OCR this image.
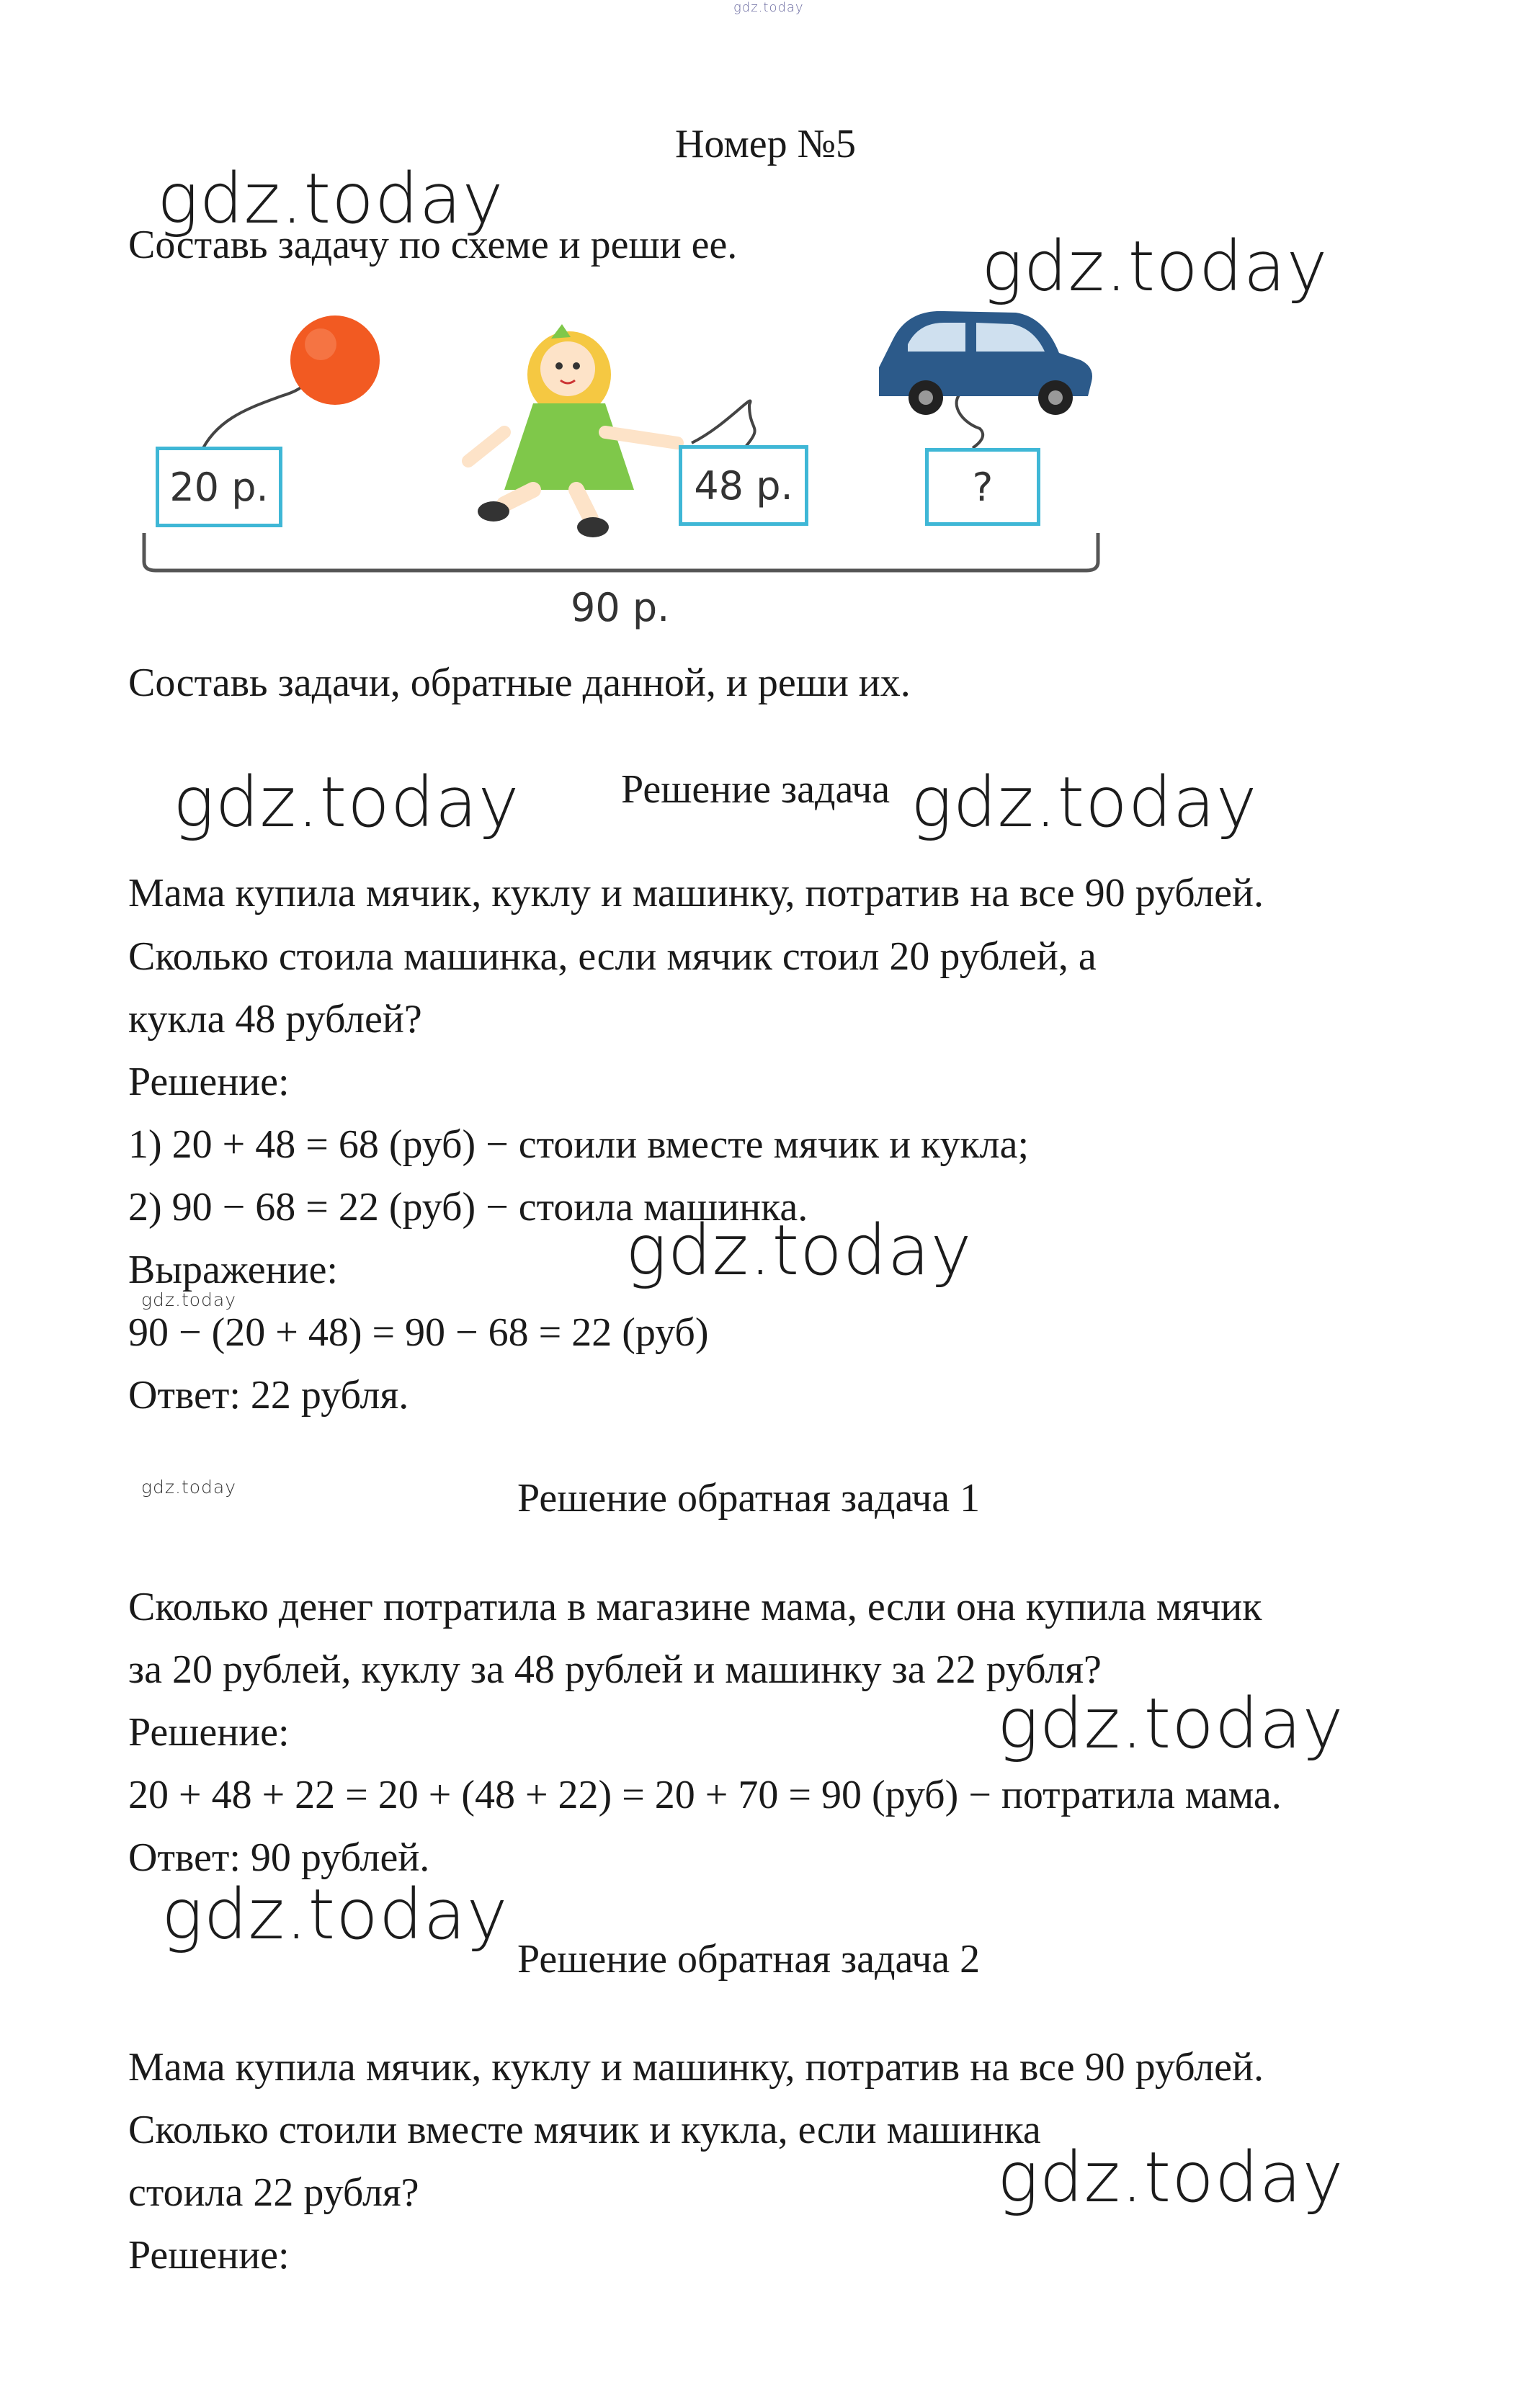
gdz.today
Номер №5
gdz.today
Составь задачу по схеме и реши ее.	gdz.today
20 р.	48 р.	?
90 р.
Составь задачи, обратные данной, и реши их.
gdz.today	Решение задача gdz.today
Мама купила мячик, куклу и машинку, потратив на все 90 рублей.
Сколько стоила машинка, если мячик стоил 20 рублей, а
кукла 48 рублей?
Решение:
1) 20 + 48 = 68 (руб) − стоили вместе мячик и кукла;
2) 90 − 68 = 22 (руб) − стоила машинка.
gdz.today
Выражение:
gdz.today
90 − (20 + 48) = 90 − 68 = 22 (руб)
Ответ: 22 рубля.
gdz.today	Решение обратная задача 1
Сколько денег потратила в магазине мама, если она купила мячик
за 20 рублей, куклу за 48 рублей и машинку за 22 рубля?
gdz.today
Решение:
20 + 48 + 22 = 20 + (48 + 22) = 20 + 70 = 90 (руб) − потратила мама.
Ответ: 90 рублей.
gdz.today
Решение обратная задача 2
Мама купила мячик, куклу и машинку, потратив на все 90 рублей.
Сколько стоили вместе мячик и кукла, если машинка
gdz.today
стоила 22 рубля?
Решение:
